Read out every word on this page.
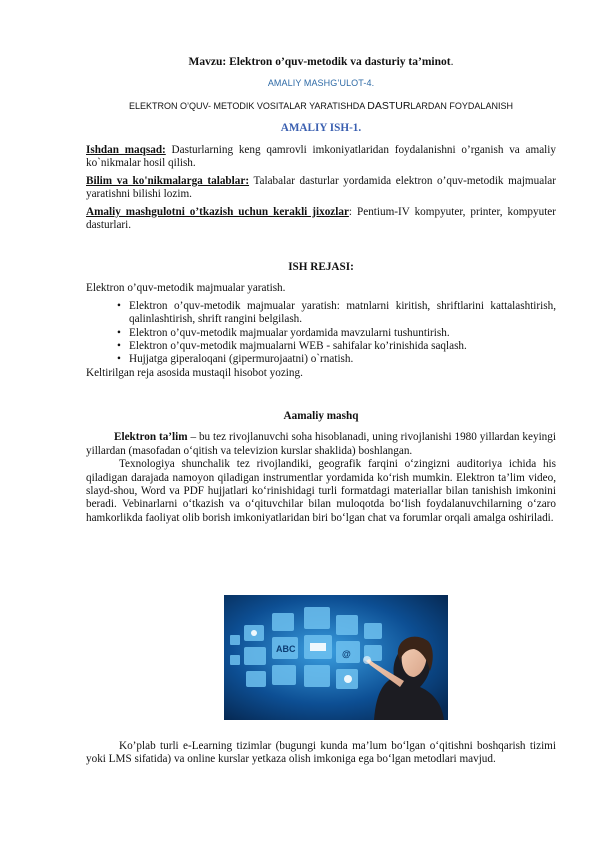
Mavzu: Elektron o’quv-metodik va dasturiy ta’minot.

AMALIY MASHG’ULOT-4.

ELEKTRON O’QUV- METODIK VOSITALAR YARATISHDA DASTURLARDAN FOYDALANISH

AMALIY ISH-1.

Ishdan maqsad: Dasturlarning keng qamrovli imkoniyatlaridan foydalanishni o’rganish va amaliy ko`nikmalar hosil qilish.

Bilim va ko'nikmalarga talablar: Talabalar dasturlar yordamida elektron o’quv-metodik majmualar yaratishni bilishi lozim.

Amaliy mashgulotni o’tkazish uchun kerakli jixozlar: Pentium-IV kompyuter, printer, kompyuter dasturlari.

ISH REJASI:

Elektron o’quv-metodik majmualar yaratish.

• Elektron o’quv-metodik majmualar yaratish: matnlarni kiritish, shriftlarini kattalashtirish, qalinlashtirish, shrift rangini belgilash.
• Elektron o’quv-metodik majmualar yordamida mavzularni tushuntirish.
• Elektron o’quv-metodik majmualarni WEB - sahifalar ko’rinishida saqlash.
• Hujjatga giperaloqani (gipermurojaatni) o`rnatish.

Keltirilgan reja asosida mustaqil hisobot yozing.

Aamaliy mashq

Elektron ta’lim – bu tez rivojlanuvchi soha hisoblanadi, uning rivojlanishi 1980 yillardan keyingi yillardan (masofadan o‘qitish va televizion kurslar shaklida) boshlangan.

Texnologiya shunchalik tez rivojlandiki, geografik farqini o‘zingizni auditoriya ichida his qiladigan darajada namoyon qiladigan instrumentlar yordamida ko‘rish mumkin. Elektron ta’lim video, slayd-shou, Word va PDF hujjatlari ko‘rinishidagi turli formatdagi materiallar bilan tanishish imkonini beradi. Vebinarlarni o‘tkazish va o‘qituvchilar bilan muloqotda bo‘lish foydalanuvchilarning o‘zaro hamkorlikda faoliyat olib borish imkoniyatlaridan biri bo‘lgan chat va forumlar orqali amalga oshiriladi.

ABC	@

Ko’plab turli e-Learning tizimlar (bugungi kunda ma’lum bo‘lgan o‘qitishni boshqarish tizimi yoki LMS sifatida) va online kurslar yetkaza olish imkoniga ega bo‘lgan metodlari mavjud.
